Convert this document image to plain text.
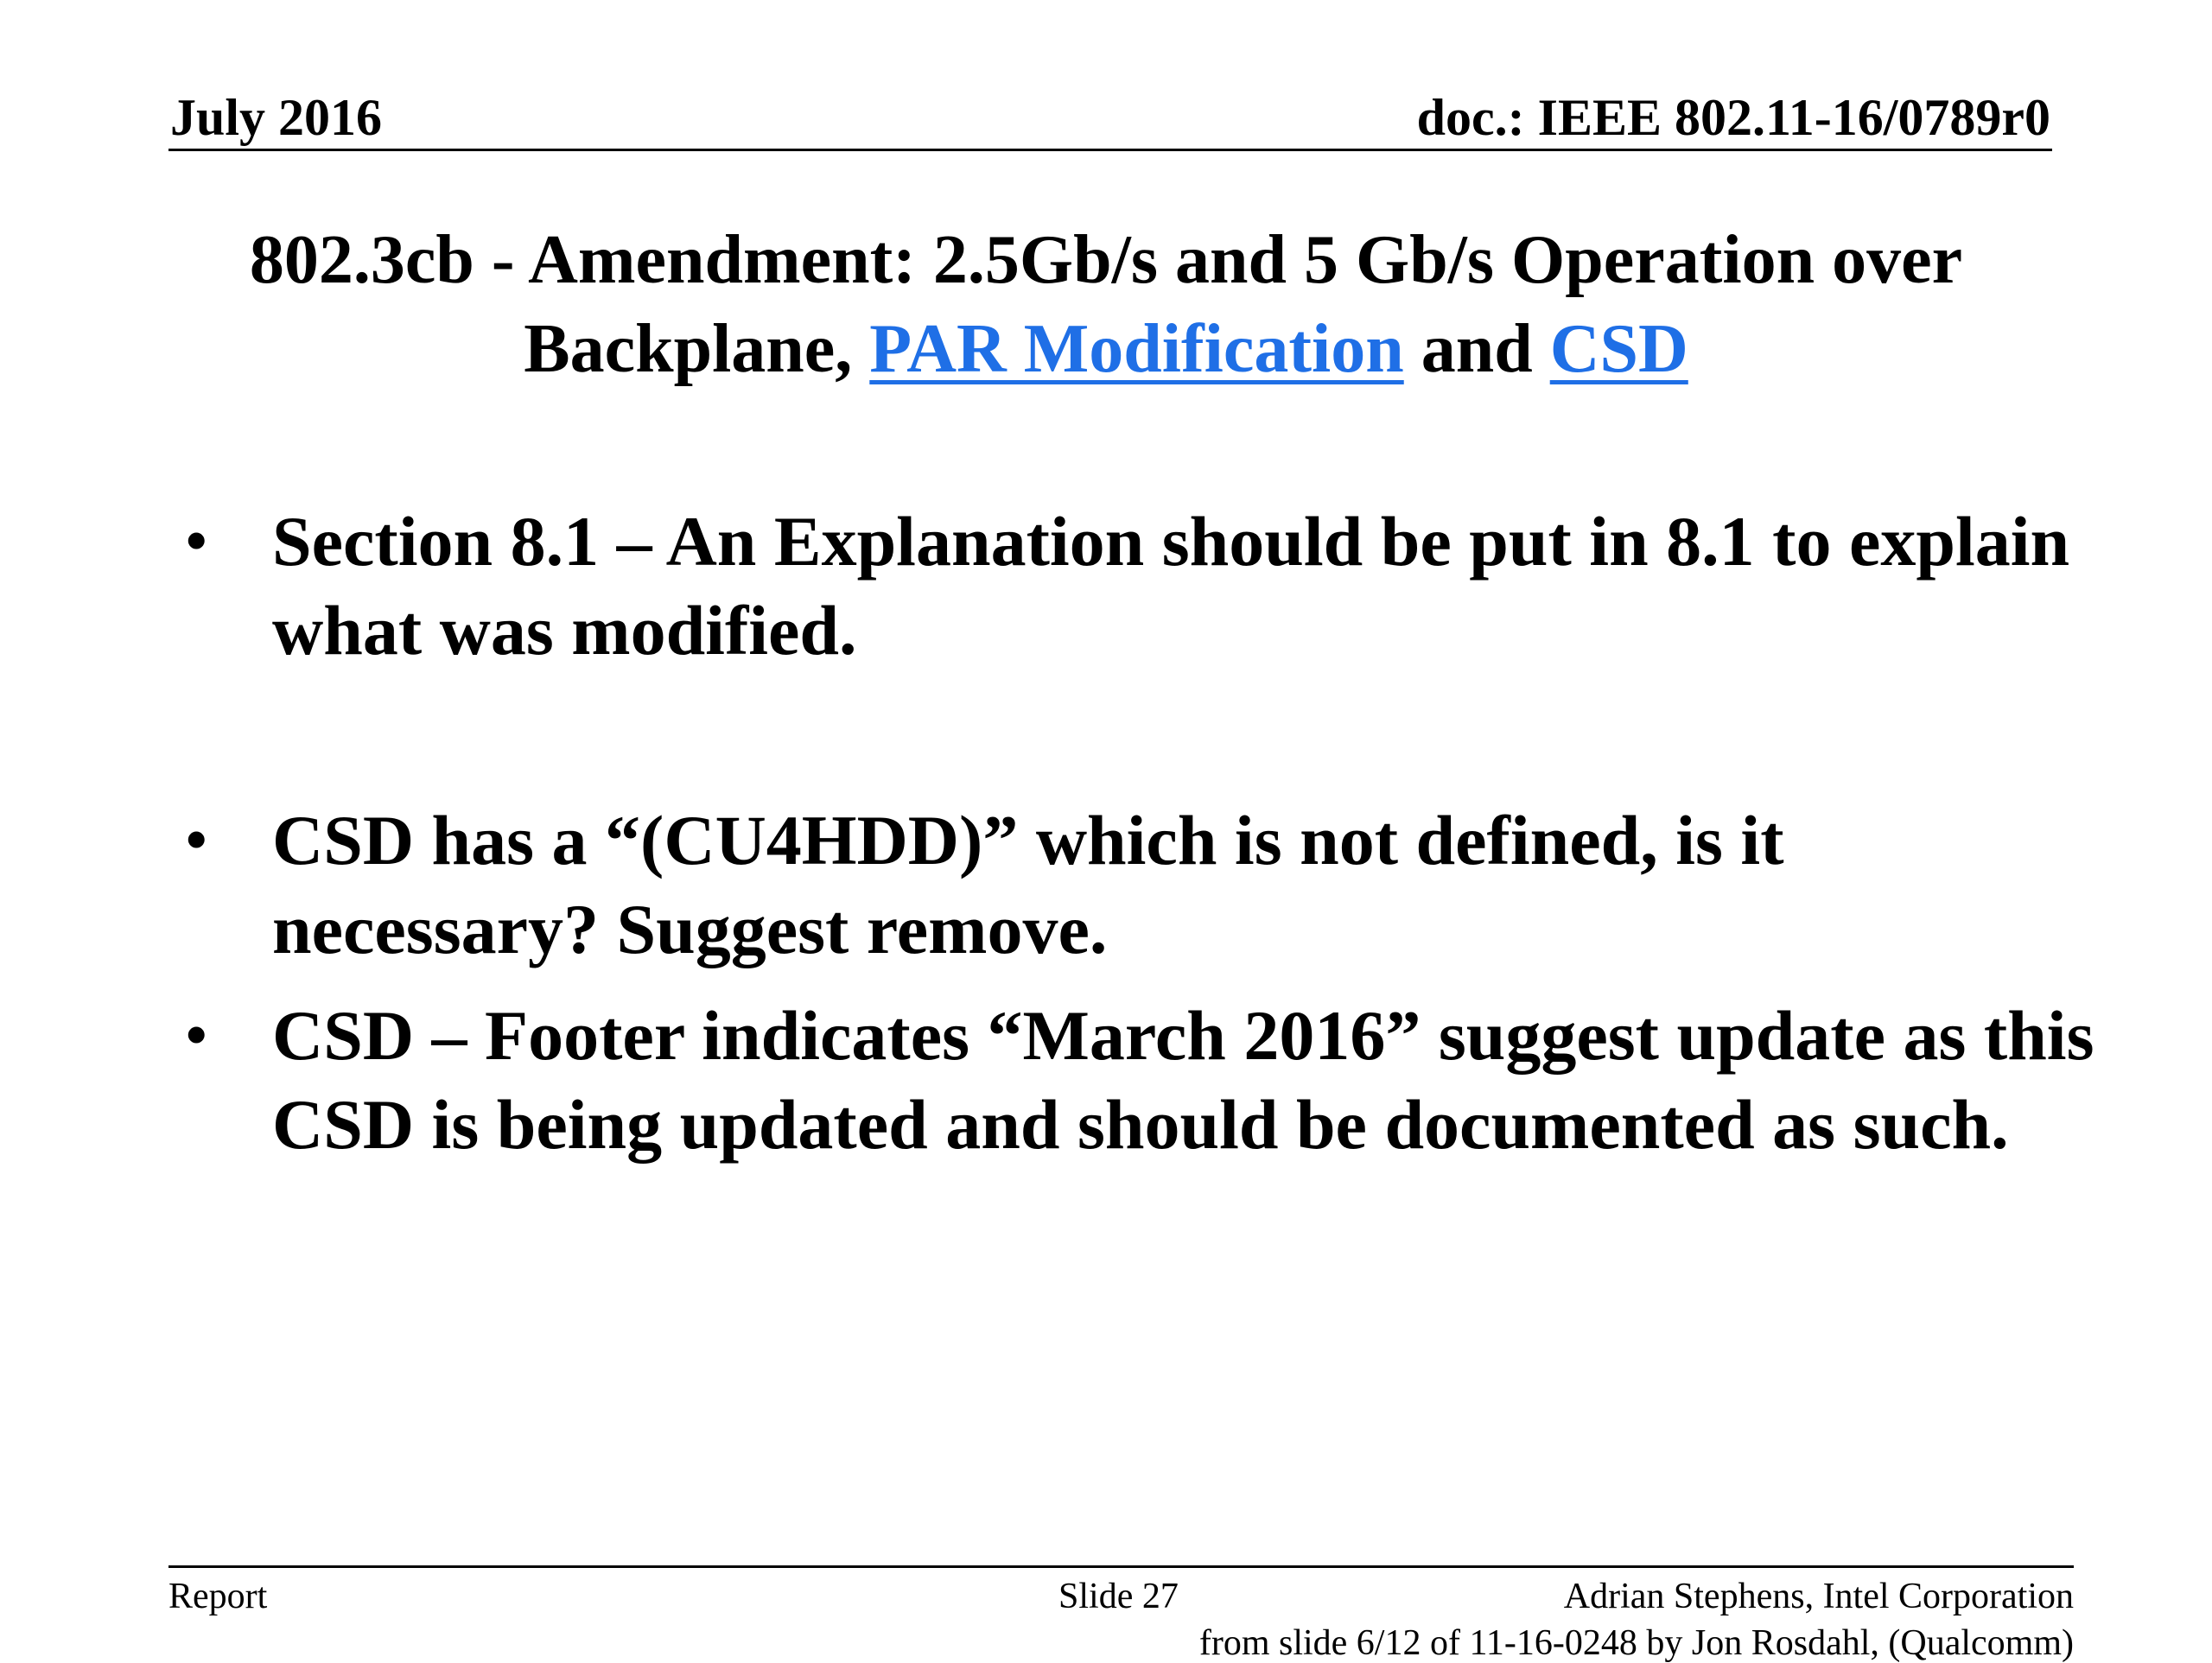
July 2016	doc.: IEEE 802.11-16/0789r0
802.3cb - Amendment: 2.5Gb/s and 5 Gb/s Operation over
Backplane, PAR Modification and CSD
• Section 8.1 – An Explanation should be put in 8.1 to explain what was modified.
• CSD has a “(CU4HDD)” which is not defined, is it necessary? Suggest remove.
• CSD – Footer indicates “March 2016” suggest update as this CSD is being updated and should be documented as such.
Report	Slide 27	Adrian Stephens, Intel Corporation
from slide 6/12 of 11-16-0248 by Jon Rosdahl, (Qualcomm)
